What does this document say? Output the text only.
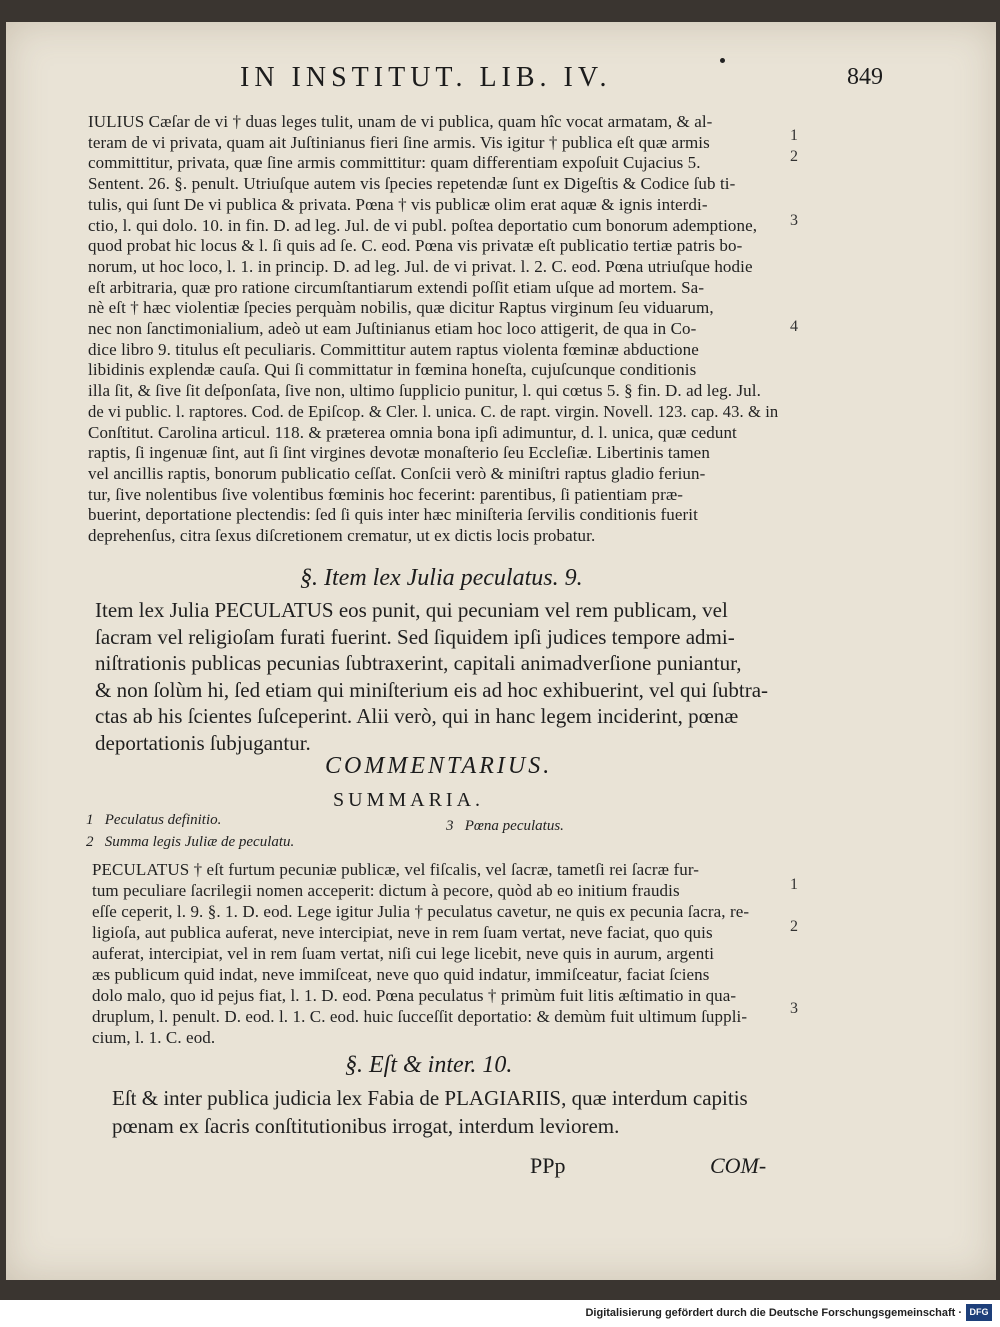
IN INSTITUT. LIB. IV.	849
IULIUS Cæſar de vi † duas leges tulit, unam de vi publica, quam hîc vocat armatam, & al-
teram de vi privata, quam ait Juſtinianus fieri ſine armis. Vis igitur † publica eſt quæ armis
committitur, privata, quæ ſine armis committitur: quam differentiam expoſuit Cujacius 5.
Sentent. 26. §. penult. Utriuſque autem vis ſpecies repetendæ ſunt ex Digeſtis & Codice ſub ti-
tulis, qui ſunt De vi publica & privata. Pœna † vis publicæ olim erat aquæ & ignis interdi-
ctio, l. qui dolo. 10. in fin. D. ad leg. Jul. de vi publ. poſtea deportatio cum bonorum ademptione,
quod probat hic locus & l. ſi quis ad ſe. C. eod. Pœna vis privatæ eſt publicatio tertiæ patris bo-
norum, ut hoc loco, l. 1. in princip. D. ad leg. Jul. de vi privat. l. 2. C. eod. Pœna utriuſque hodie
eſt arbitraria, quæ pro ratione circumſtantiarum extendi poſſit etiam uſque ad mortem. Sa-
nè eſt † hæc violentiæ ſpecies perquàm nobilis, quæ dicitur Raptus virginum ſeu viduarum,
nec non ſanctimonialium, adeò ut eam Juſtinianus etiam hoc loco attigerit, de qua in Co-
dice libro 9. titulus eſt peculiaris. Committitur autem raptus violenta fœminæ abductione
libidinis explendæ cauſa. Qui ſi committatur in fœmina honeſta, cujuſcunque conditionis
illa ſit, & ſive ſit deſponſata, ſive non, ultimo ſupplicio punitur, l. qui cœtus 5. § fin. D. ad leg. Jul.
de vi public. l. raptores. Cod. de Epiſcop. & Cler. l. unica. C. de rapt. virgin. Novell. 123. cap. 43. & in
Conſtitut. Carolina articul. 118. & præterea omnia bona ipſi adimuntur, d. l. unica, quæ cedunt
raptis, ſi ingenuæ ſint, aut ſi ſint virgines devotæ monaſterio ſeu Eccleſiæ. Libertinis tamen
vel ancillis raptis, bonorum publicatio ceſſat. Conſcii verò & miniſtri raptus gladio feriun-
tur, ſive nolentibus ſive volentibus fœminis hoc fecerint: parentibus, ſi patientiam præ-
buerint, deportatione plectendis: ſed ſi quis inter hæc miniſteria ſervilis conditionis fuerit
deprehenſus, citra ſexus diſcretionem crematur, ut ex dictis locis probatur.
1
2
3
4
§. Item lex Julia peculatus. 9.
Item lex Julia PECULATUS eos punit, qui pecuniam vel rem publicam, vel
ſacram vel religioſam furati fuerint. Sed ſiquidem ipſi judices tempore admi-
niſtrationis publicas pecunias ſubtraxerint, capitali animadverſione puniantur,
& non ſolùm hi, ſed etiam qui miniſterium eis ad hoc exhibuerint, vel qui ſubtra-
ctas ab his ſcientes ſuſceperint. Alii verò, qui in hanc legem inciderint, pœnæ
deportationis ſubjugantur.
COMMENTARIUS.
SUMMARIA.
1 Peculatus definitio.
2 Summa legis Juliæ de peculatu.
3 Pœna peculatus.
PECULATUS † eſt furtum pecuniæ publicæ, vel fiſcalis, vel ſacræ, tametſi rei ſacræ fur-
tum peculiare ſacrilegii nomen acceperit: dictum à pecore, quòd ab eo initium fraudis
eſſe ceperit, l. 9. §. 1. D. eod. Lege igitur Julia † peculatus cavetur, ne quis ex pecunia ſacra, re-
ligioſa, aut publica auferat, neve intercipiat, neve in rem ſuam vertat, neve faciat, quo quis
auferat, intercipiat, vel in rem ſuam vertat, niſi cui lege licebit, neve quis in aurum, argenti
æs publicum quid indat, neve immiſceat, neve quo quid indatur, immiſceatur, faciat ſciens
dolo malo, quo id pejus fiat, l. 1. D. eod. Pœna peculatus † primùm fuit litis æſtimatio in qua-
druplum, l. penult. D. eod. l. 1. C. eod. huic ſucceſſit deportatio: & demùm fuit ultimum ſuppli-
cium, l. 1. C. eod.
1
2
3
§. Eſt & inter. 10.
Eſt & inter publica judicia lex Fabia de PLAGIARIIS, quæ interdum capitis
pœnam ex ſacris conſtitutionibus irrogat, interdum leviorem.
PPp	COM-
Digitalisierung gefördert durch die Deutsche Forschungsgemeinschaft · DFG
